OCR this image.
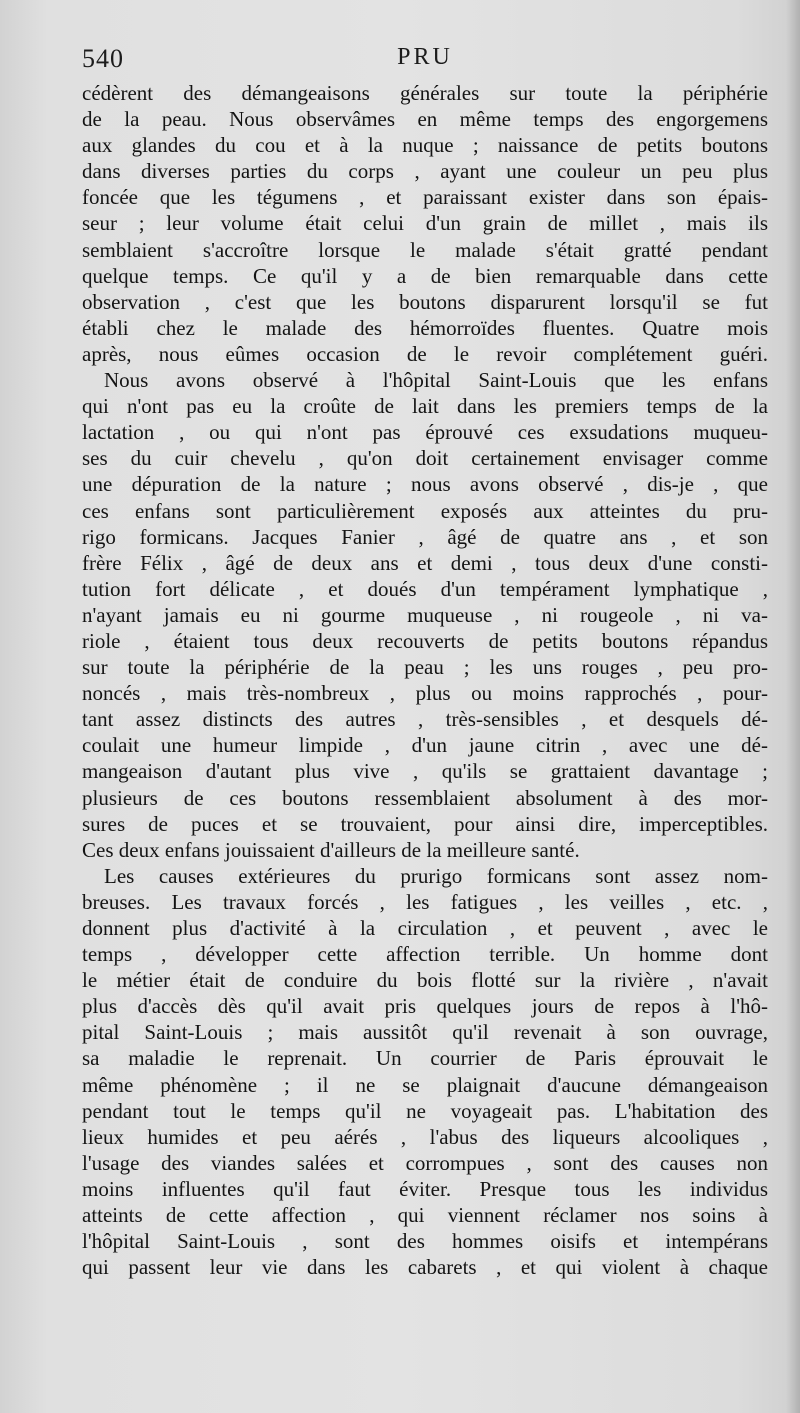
540	PRU
cédèrent des démangeaisons générales sur toute la périphérie
de la peau. Nous observâmes en même temps des engorgemens
aux glandes du cou et à la nuque ; naissance de petits boutons
dans diverses parties du corps , ayant une couleur un peu plus
foncée que les tégumens , et paraissant exister dans son épais-
seur ; leur volume était celui d'un grain de millet , mais ils
semblaient s'accroître lorsque le malade s'était gratté pendant
quelque temps. Ce qu'il y a de bien remarquable dans cette
observation , c'est que les boutons disparurent lorsqu'il se fut
établi chez le malade des hémorroïdes fluentes. Quatre mois
après, nous eûmes occasion de le revoir complétement guéri.
Nous avons observé à l'hôpital Saint-Louis que les enfans
qui n'ont pas eu la croûte de lait dans les premiers temps de la
lactation , ou qui n'ont pas éprouvé ces exsudations muqueu-
ses du cuir chevelu , qu'on doit certainement envisager comme
une dépuration de la nature ; nous avons observé , dis-je , que
ces enfans sont particulièrement exposés aux atteintes du pru-
rigo formicans. Jacques Fanier , âgé de quatre ans , et son
frère Félix , âgé de deux ans et demi , tous deux d'une consti-
tution fort délicate , et doués d'un tempérament lymphatique ,
n'ayant jamais eu ni gourme muqueuse , ni rougeole , ni va-
riole , étaient tous deux recouverts de petits boutons répandus
sur toute la périphérie de la peau ; les uns rouges , peu pro-
noncés , mais très-nombreux , plus ou moins rapprochés , pour-
tant assez distincts des autres , très-sensibles , et desquels dé-
coulait une humeur limpide , d'un jaune citrin , avec une dé-
mangeaison d'autant plus vive , qu'ils se grattaient davantage ;
plusieurs de ces boutons ressemblaient absolument à des mor-
sures de puces et se trouvaient, pour ainsi dire, imperceptibles.
Ces deux enfans jouissaient d'ailleurs de la meilleure santé.
Les causes extérieures du prurigo formicans sont assez nom-
breuses. Les travaux forcés , les fatigues , les veilles , etc. ,
donnent plus d'activité à la circulation , et peuvent , avec le
temps , développer cette affection terrible. Un homme dont
le métier était de conduire du bois flotté sur la rivière , n'avait
plus d'accès dès qu'il avait pris quelques jours de repos à l'hô-
pital Saint-Louis ; mais aussitôt qu'il revenait à son ouvrage,
sa maladie le reprenait. Un courrier de Paris éprouvait le
même phénomène ; il ne se plaignait d'aucune démangeaison
pendant tout le temps qu'il ne voyageait pas. L'habitation des
lieux humides et peu aérés , l'abus des liqueurs alcooliques ,
l'usage des viandes salées et corrompues , sont des causes non
moins influentes qu'il faut éviter. Presque tous les individus
atteints de cette affection , qui viennent réclamer nos soins à
l'hôpital Saint-Louis , sont des hommes oisifs et intempérans
qui passent leur vie dans les cabarets , et qui violent à chaque
